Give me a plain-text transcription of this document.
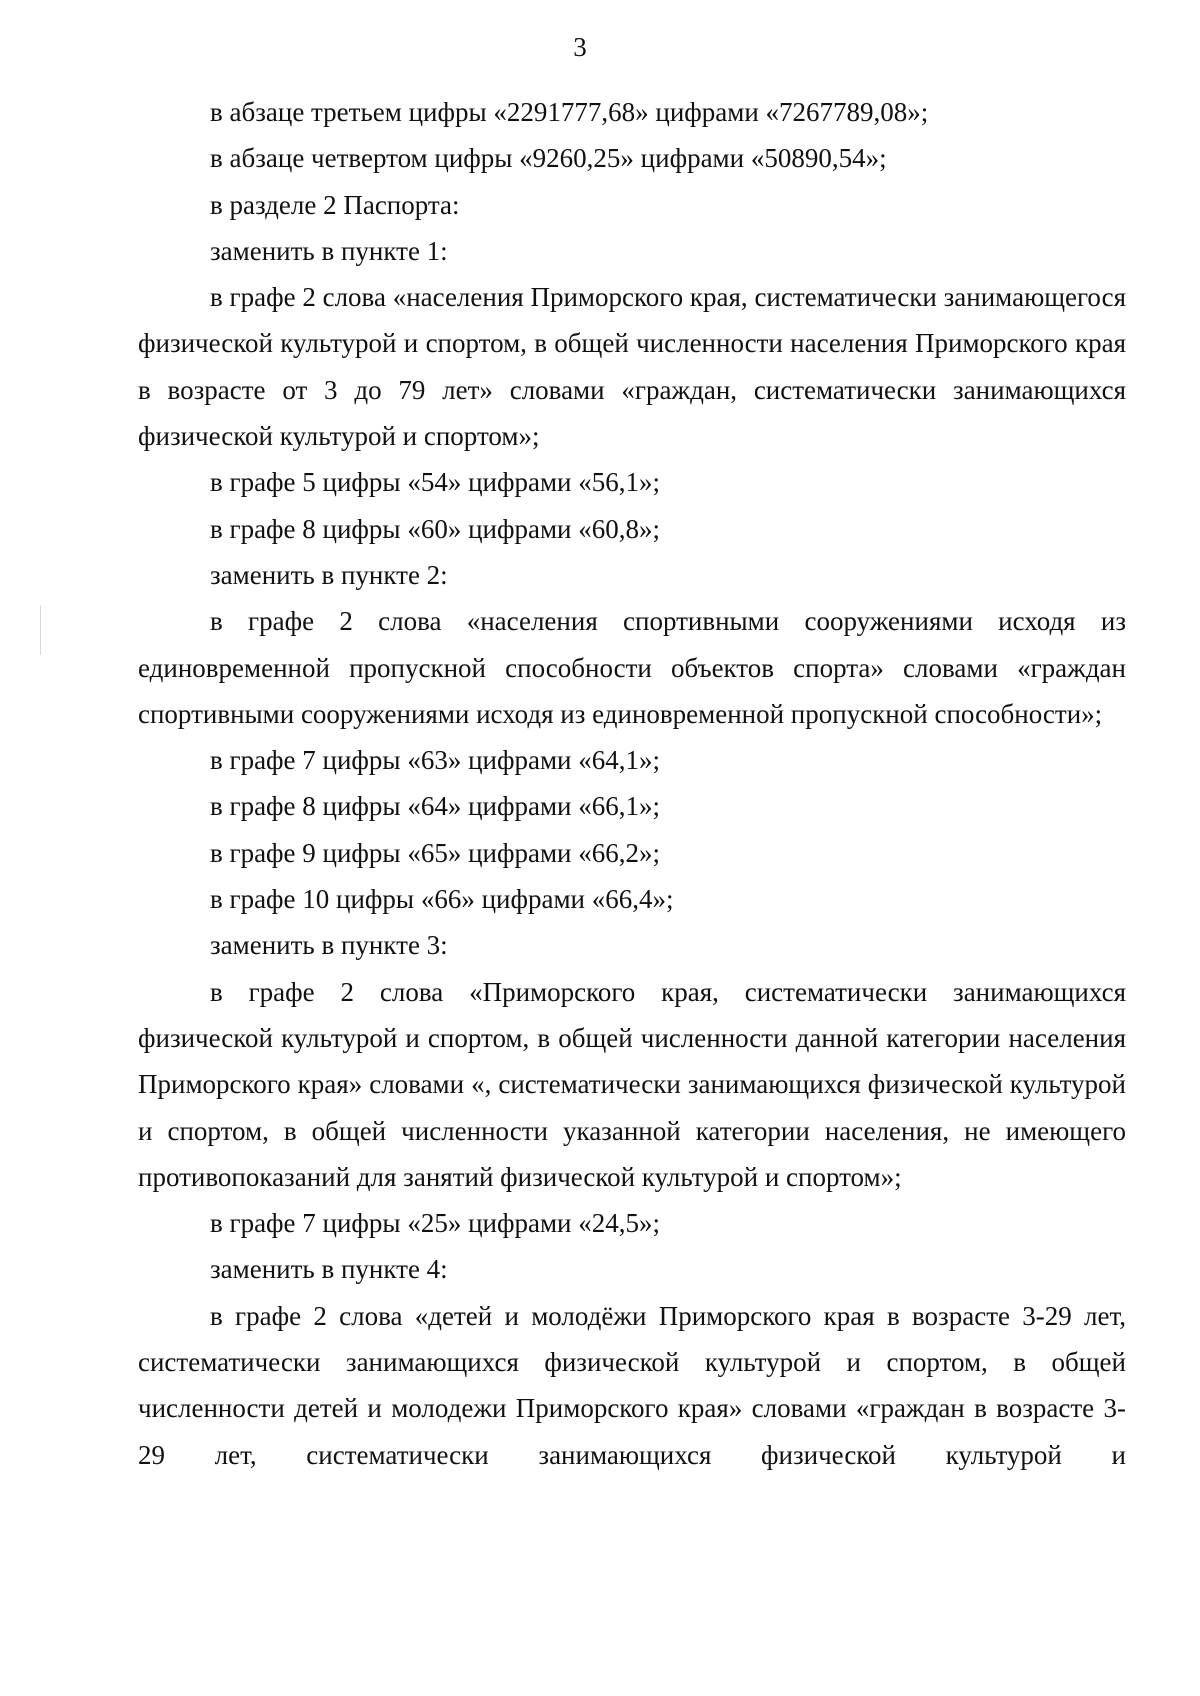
3

в абзаце третьем цифры «2291777,68» цифрами «7267789,08»;

в абзаце четвертом цифры «9260,25» цифрами «50890,54»;

в разделе 2 Паспорта:

заменить в пункте 1:

в графе 2 слова «населения Приморского края, систематически занимающегося физической культурой и спортом, в общей численности населения Приморского края в возрасте от 3 до 79 лет» словами «граждан, систематически занимающихся физической культурой и спортом»;

в графе 5 цифры «54» цифрами «56,1»;

в графе 8 цифры «60» цифрами «60,8»;

заменить в пункте 2:

в графе 2 слова «населения спортивными сооружениями исходя из единовременной пропускной способности объектов спорта» словами «граждан спортивными сооружениями исходя из единовременной пропускной способности»;

в графе 7 цифры «63» цифрами «64,1»;

в графе 8 цифры «64» цифрами «66,1»;

в графе 9 цифры «65» цифрами «66,2»;

в графе 10 цифры «66» цифрами «66,4»;

заменить в пункте 3:

в графе 2 слова «Приморского края, систематически занимающихся физической культурой и спортом, в общей численности данной категории населения Приморского края» словами «, систематически занимающихся физической культурой и спортом, в общей численности указанной категории населения, не имеющего противопоказаний для занятий физической культурой и спортом»;

в графе 7 цифры «25» цифрами «24,5»;

заменить в пункте 4:

в графе 2 слова «детей и молодёжи Приморского края в возрасте 3-29 лет, систематически занимающихся физической культурой и спортом, в общей численности детей и молодежи Приморского края» словами «граждан в возрасте 3-29 лет, систематически занимающихся физической культурой и
